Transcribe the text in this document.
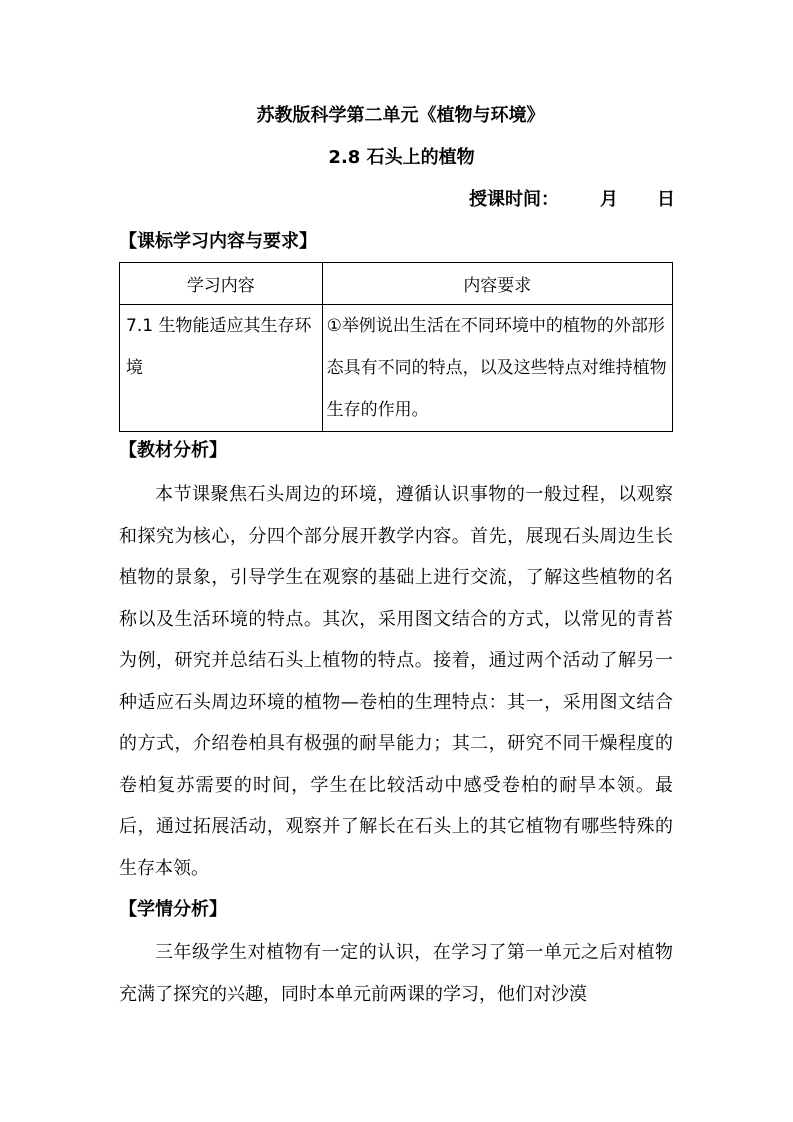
苏教版科学第二单元《植物与环境》
2.8 石头上的植物
授课时间： 月 日
【课标学习内容与要求】
学习内容	内容要求

7.1 生物能适应其生存环境	①举例说出生活在不同环境中的植物的外部形态具有不同的特点，以及这些特点对维持植物生存的作用。
【教材分析】

本节课聚焦石头周边的环境，遵循认识事物的一般过程，以观察和探究为核心，分四个部分展开教学内容。首先，展现石头周边生长植物的景象，引导学生在观察的基础上进行交流，了解这些植物的名称以及生活环境的特点。其次，采用图文结合的方式，以常见的青苔为例，研究并总结石头上植物的特点。接着，通过两个活动了解另一种适应石头周边环境的植物—卷柏的生理特点：其一，采用图文结合的方式，介绍卷柏具有极强的耐旱能力；其二，研究不同干燥程度的卷柏复苏需要的时间，学生在比较活动中感受卷柏的耐旱本领。最后，通过拓展活动，观察并了解长在石头上的其它植物有哪些特殊的生存本领。

【学情分析】

三年级学生对植物有一定的认识，在学习了第一单元之后对植物充满了探究的兴趣，同时本单元前两课的学习，他们对沙漠
